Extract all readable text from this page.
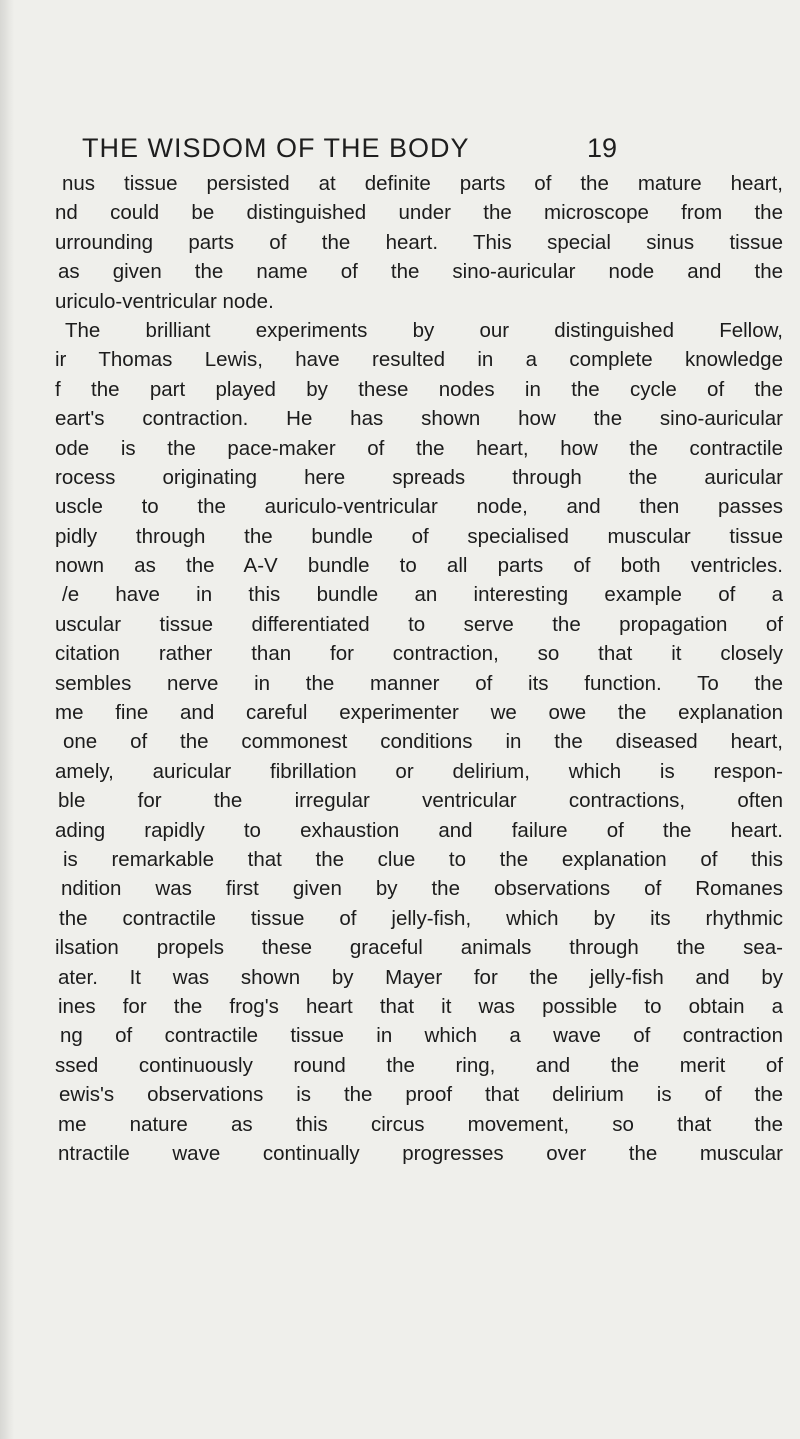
THE WISDOM OF THE BODY	19
nus tissue persisted at definite parts of the mature heart,
nd could be distinguished under the microscope from the
urrounding parts of the heart. This special sinus tissue
as given the name of the sino-auricular node and the
uriculo-ventricular node.
The brilliant experiments by our distinguished Fellow,
ir Thomas Lewis, have resulted in a complete knowledge
f the part played by these nodes in the cycle of the
eart's contraction. He has shown how the sino-auricular
ode is the pace-maker of the heart, how the contractile
rocess originating here spreads through the auricular
uscle to the auriculo-ventricular node, and then passes
pidly through the bundle of specialised muscular tissue
nown as the A-V bundle to all parts of both ventricles.
/e have in this bundle an interesting example of a
uscular tissue differentiated to serve the propagation of
citation rather than for contraction, so that it closely
sembles nerve in the manner of its function. To the
me fine and careful experimenter we owe the explanation
one of the commonest conditions in the diseased heart,
amely, auricular fibrillation or delirium, which is respon-
ble for the irregular ventricular contractions, often
ading rapidly to exhaustion and failure of the heart.
is remarkable that the clue to the explanation of this
ndition was first given by the observations of Romanes
the contractile tissue of jelly-fish, which by its rhythmic
ilsation propels these graceful animals through the sea-
ater. It was shown by Mayer for the jelly-fish and by
ines for the frog's heart that it was possible to obtain a
ng of contractile tissue in which a wave of contraction
ssed continuously round the ring, and the merit of
ewis's observations is the proof that delirium is of the
me nature as this circus movement, so that the
ntractile wave continually progresses over the muscular
